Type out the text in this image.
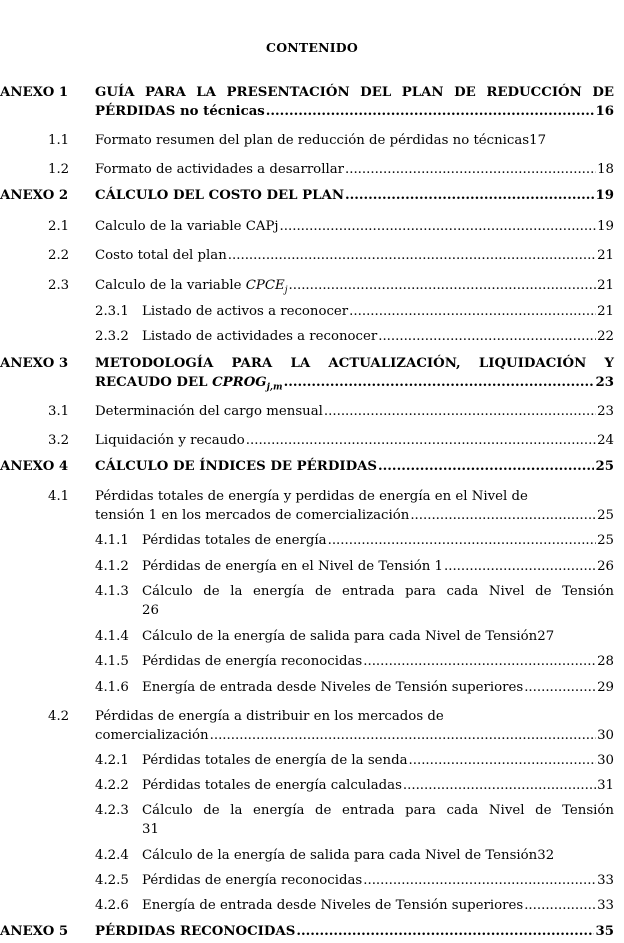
CONTENIDO
ANEXO 1 GUÍA PARA LA PRESENTACIÓN DEL PLAN DE REDUCCIÓN DE
PÉRDIDAS no técnicas .....	16
1.1 Formato resumen del plan de reducción de pérdidas no técnicas 17
1.2 Formato de actividades a desarrollar .....	18
ANEXO 2 CÁLCULO DEL COSTO DEL PLAN .....	19
2.1 Calculo de la variable CAPj .....	19
2.2 Costo total del plan .....	21
2.3 Calculo de la variable $CPCE_j$ .....	21
2.3.1 Listado de activos a reconocer .....	21
2.3.2 Listado de actividades a reconocer .....	22
ANEXO 3 METODOLOGÍA PARA LA ACTUALIZACIÓN, LIQUIDACIÓN Y
RECAUDO DEL $CPROG_{j,m}$ .....	23
3.1 Determinación del cargo mensual .....	23
3.2 Liquidación y recaudo .....	24
ANEXO 4 CÁLCULO DE ÍNDICES DE PÉRDIDAS .....	25
4.1 Pérdidas totales de energía y perdidas de energía en el Nivel de
tensión 1 en los mercados de comercialización .....	25
4.1.1 Pérdidas totales de energía .....	25
4.1.2 Pérdidas de energía en el Nivel de Tensión 1 .....	26
4.1.3 Cálculo de la energía de entrada para cada Nivel de Tensión
26
4.1.4 Cálculo de la energía de salida para cada Nivel de Tensión 27
4.1.5 Pérdidas de energía reconocidas .....	28
4.1.6 Energía de entrada desde Niveles de Tensión superiores .....	29
4.2 Pérdidas de energía a distribuir en los mercados de
comercialización .....	30
4.2.1 Pérdidas totales de energía de la senda .....	30
4.2.2 Pérdidas totales de energía calculadas .....	31
4.2.3 Cálculo de la energía de entrada para cada Nivel de Tensión
31
4.2.4 Cálculo de la energía de salida para cada Nivel de Tensión 32
4.2.5 Pérdidas de energía reconocidas .....	33
4.2.6 Energía de entrada desde Niveles de Tensión superiores .....	33
ANEXO 5 PÉRDIDAS RECONOCIDAS .....	35
